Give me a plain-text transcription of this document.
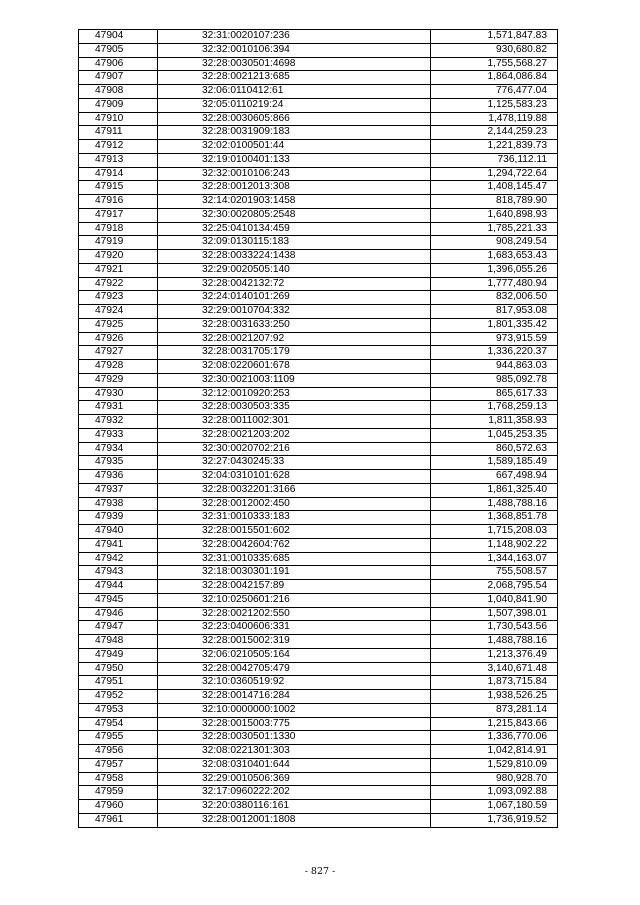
47904	32:31:0020107:236	1,571,847.83
47905	32:32:0010106:394	930,680.82
47906	32:28:0030501:4698	1,755,568.27
47907	32:28:0021213:685	1,864,086.84
47908	32:06:0110412:61	776,477.04
47909	32:05:0110219:24	1,125,583.23
47910	32:28:0030605:866	1,478,119.88
47911	32:28:0031909:183	2,144,259.23
47912	32:02:0100501:44	1,221,839.73
47913	32:19:0100401:133	736,112.11
47914	32:32:0010106:243	1,294,722.64
47915	32:28:0012013:308	1,408,145.47
47916	32:14:0201903:1458	818,789.90
47917	32:30:0020805:2548	1,640,898.93
47918	32:25:0410134:459	1,785,221.33
47919	32:09:0130115:183	908,249.54
47920	32:28:0033224:1438	1,683,653.43
47921	32:29:0020505:140	1,396,055.26
47922	32:28:0042132:72	1,777,480.94
47923	32:24:0140101:269	832,006.50
47924	32:29:0010704:332	817,953.08
47925	32:28:0031633:250	1,801,335.42
47926	32:28:0021207:92	973,915.59
47927	32:28:0031705:179	1,336,220.37
47928	32:08:0220601:678	944,863.03
47929	32:30:0021003:1109	985,092.78
47930	32:12:0010920:253	865,617.33
47931	32:28:0030503:335	1,768,259.13
47932	32:28:0011002:301	1,811,358.93
47933	32:28:0021203:202	1,045,253.35
47934	32:30:0020702:216	860,572.63
47935	32:27:0430245:33	1,589,185.49
47936	32:04:0310101:628	667,498.94
47937	32:28:0032201:3166	1,861,325.40
47938	32:28:0012002:450	1,488,788.16
47939	32:31:0010333:183	1,368,851.78
47940	32:28:0015501:602	1,715,208.03
47941	32:28:0042604:762	1,148,902.22
47942	32:31:0010335:685	1,344,163.07
47943	32:18:0030301:191	755,508.57
47944	32:28:0042157:89	2,068,795.54
47945	32:10:0250601:216	1,040,841.90
47946	32:28:0021202:550	1,507,398.01
47947	32:23:0400606:331	1,730,543.56
47948	32:28:0015002:319	1,488,788.16
47949	32:06:0210505:164	1,213,376.49
47950	32:28:0042705:479	3,140,671.48
47951	32:10:0360519:92	1,873,715.84
47952	32:28:0014716:284	1,938,526.25
47953	32:10:0000000:1002	873,281.14
47954	32:28:0015003:775	1,215,843.66
47955	32:28:0030501:1330	1,336,770.06
47956	32:08:0221301:303	1,042,814.91
47957	32:08:0310401:644	1,529,810.09
47958	32:29:0010506:369	980,928.70
47959	32:17:0960222:202	1,093,092.88
47960	32:20:0380116:161	1,067,180.59
47961	32:28:0012001:1808	1,736,919.52
- 827 -
